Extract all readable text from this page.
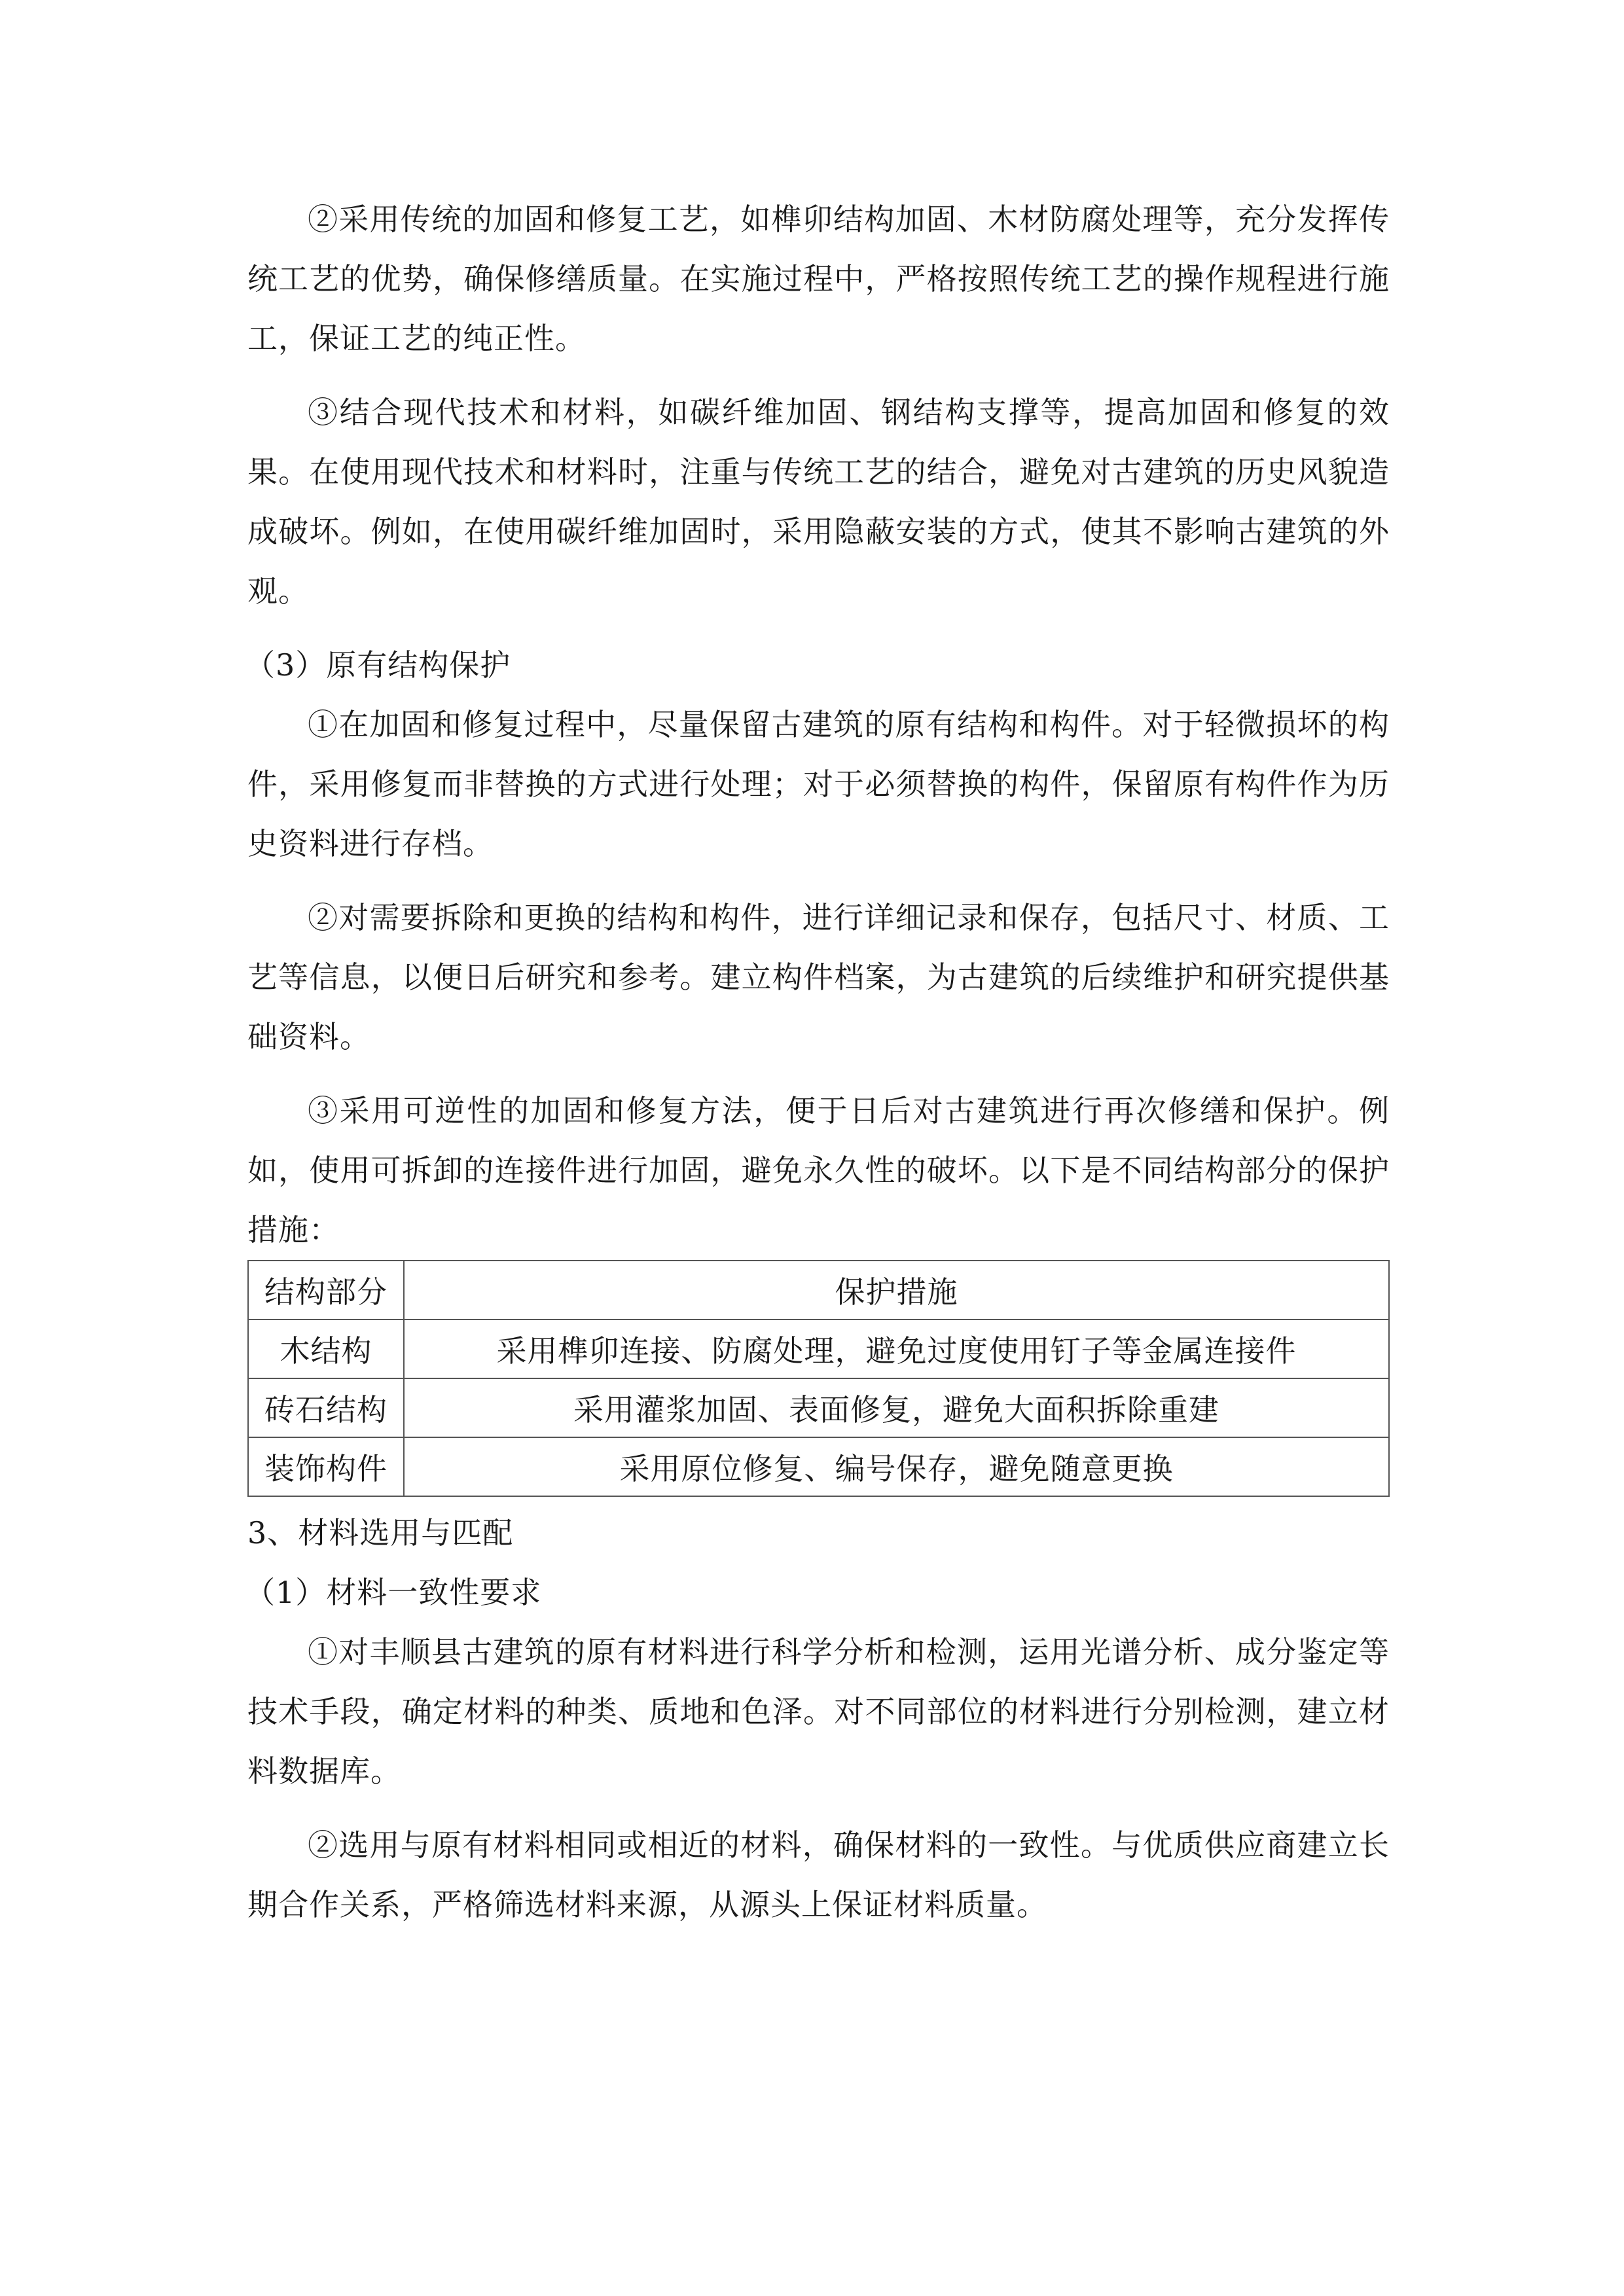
②采用传统的加固和修复工艺，如榫卯结构加固、木材防腐处理等，充分发挥传统工艺的优势，确保修缮质量。在实施过程中，严格按照传统工艺的操作规程进行施工，保证工艺的纯正性。

③结合现代技术和材料，如碳纤维加固、钢结构支撑等，提高加固和修复的效果。在使用现代技术和材料时，注重与传统工艺的结合，避免对古建筑的历史风貌造成破坏。例如，在使用碳纤维加固时，采用隐蔽安装的方式，使其不影响古建筑的外观。

（3）原有结构保护

①在加固和修复过程中，尽量保留古建筑的原有结构和构件。对于轻微损坏的构件，采用修复而非替换的方式进行处理；对于必须替换的构件，保留原有构件作为历史资料进行存档。

②对需要拆除和更换的结构和构件，进行详细记录和保存，包括尺寸、材质、工艺等信息，以便日后研究和参考。建立构件档案，为古建筑的后续维护和研究提供基础资料。

③采用可逆性的加固和修复方法，便于日后对古建筑进行再次修缮和保护。例如，使用可拆卸的连接件进行加固，避免永久性的破坏。以下是不同结构部分的保护措施：

结构部分	保护措施
木结构	采用榫卯连接、防腐处理，避免过度使用钉子等金属连接件
砖石结构	采用灌浆加固、表面修复，避免大面积拆除重建
装饰构件	采用原位修复、编号保存，避免随意更换

3、材料选用与匹配

（1）材料一致性要求

①对丰顺县古建筑的原有材料进行科学分析和检测，运用光谱分析、成分鉴定等技术手段，确定材料的种类、质地和色泽。对不同部位的材料进行分别检测，建立材料数据库。

②选用与原有材料相同或相近的材料，确保材料的一致性。与优质供应商建立长期合作关系，严格筛选材料来源，从源头上保证材料质量。
